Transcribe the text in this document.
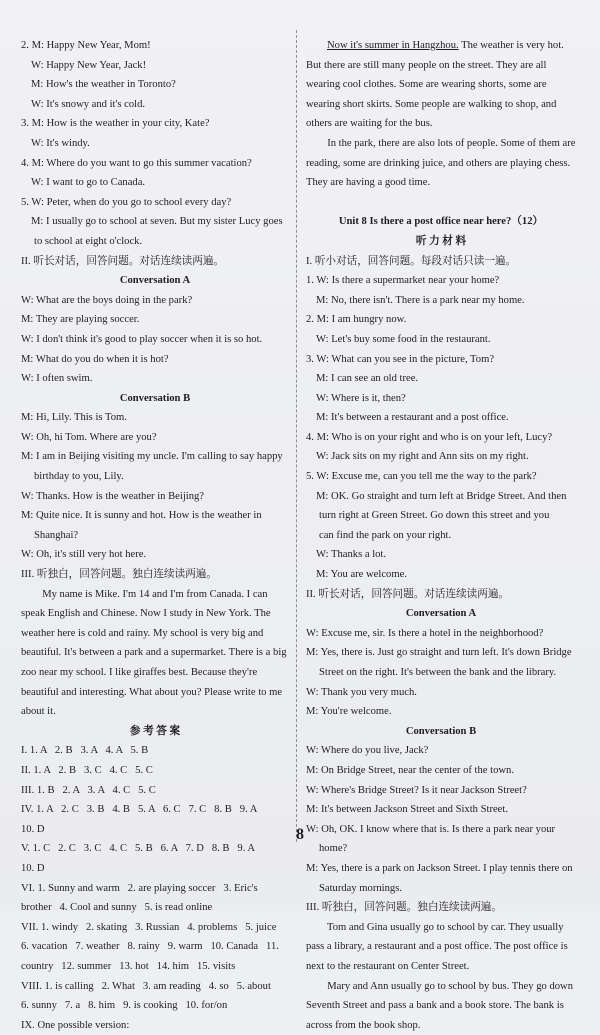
2. M: Happy New Year, Mom!
W: Happy New Year, Jack!
M: How's the weather in Toronto?
W: It's snowy and it's cold.
3. M: How is the weather in your city, Kate?
W: It's windy.
4. M: Where do you want to go this summer vacation?
W: I want to go to Canada.
5. W: Peter, when do you go to school every day?
M: I usually go to school at seven. But my sister Lucy goes
to school at eight o'clock.
II. 听长对话，回答问题。对话连续读两遍。
Conversation A
W: What are the boys doing in the park?
M: They are playing soccer.
W: I don't think it's good to play soccer when it is so hot.
M: What do you do when it is hot?
W: I often swim.
Conversation B
M: Hi, Lily. This is Tom.
W: Oh, hi Tom. Where are you?
M: I am in Beijing visiting my uncle. I'm calling to say happy
birthday to you, Lily.
W: Thanks. How is the weather in Beijing?
M: Quite nice. It is sunny and hot. How is the weather in
Shanghai?
W: Oh, it's still very hot here.
III. 听独白，回答问题。独白连续读两遍。
My name is Mike. I'm 14 and I'm from Canada. I can
speak English and Chinese. Now I study in New York. The
weather here is cold and rainy. My school is very big and
beautiful. It's between a park and a supermarket. There is a big
zoo near my school. I like giraffes best. Because they're
beautiful and interesting. What about you? Please write to me
about it.
参 考 答 案
I. 1. A   2. B   3. A   4. A   5. B
II. 1. A   2. B   3. C   4. C   5. C
III. 1. B   2. A   3. A   4. C   5. C
IV. 1. A   2. C   3. B   4. B   5. A   6. C   7. C   8. B   9. A
10. D
V. 1. C   2. C   3. C   4. C   5. B   6. A   7. D   8. B   9. A
10. D
VI. 1. Sunny and warm   2. are playing soccer   3. Eric's
brother   4. Cool and sunny   5. is read online
VII. 1. windy   2. skating   3. Russian   4. problems   5. juice
6. vacation   7. weather   8. rainy   9. warm   10. Canada   11.
country   12. summer   13. hot   14. him   15. visits
VIII. 1. is calling   2. What   3. am reading   4. so   5. about
6. sunny   7. a   8. him   9. is cooking   10. for/on
IX. One possible version:
Now it's summer in Hangzhou. The weather is very hot.
But there are still many people on the street. They are all
wearing cool clothes. Some are wearing shorts, some are
wearing short skirts. Some people are walking to shop, and
others are waiting for the bus.
In the park, there are also lots of people. Some of them are
reading, some are drinking juice, and others are playing chess.
They are having a good time.

Unit 8 Is there a post office near here?（12）
听 力 材 料
I. 听小对话，回答问题。每段对话只读一遍。
1. W: Is there a supermarket near your home?
M: No, there isn't. There is a park near my home.
2. M: I am hungry now.
W: Let's buy some food in the restaurant.
3. W: What can you see in the picture, Tom?
M: I can see an old tree.
W: Where is it, then?
M: It's between a restaurant and a post office.
4. M: Who is on your right and who is on your left, Lucy?
W: Jack sits on my right and Ann sits on my right.
5. W: Excuse me, can you tell me the way to the park?
M: OK. Go straight and turn left at Bridge Street. And then
turn right at Green Street. Go down this street and you
can find the park on your right.
W: Thanks a lot.
M: You are welcome.
II. 听长对话，回答问题。对话连续读两遍。
Conversation A
W: Excuse me, sir. Is there a hotel in the neighborhood?
M: Yes, there is. Just go straight and turn left. It's down Bridge
Street on the right. It's between the bank and the library.
W: Thank you very much.
M: You're welcome.
Conversation B
W: Where do you live, Jack?
M: On Bridge Street, near the center of the town.
W: Where's Bridge Street? Is it near Jackson Street?
M: It's between Jackson Street and Sixth Street.
W: Oh, OK. I know where that is. Is there a park near your
home?
M: Yes, there is a park on Jackson Street. I play tennis there on
Saturday mornings.
III. 听独白，回答问题。独白连续读两遍。
Tom and Gina usually go to school by car. They usually
pass a library, a restaurant and a post office. The post office is
next to the restaurant on Center Street.
Mary and Ann usually go to school by bus. They go down
Seventh Street and pass a bank and a book store. The bank is
across from the book shop.
8
